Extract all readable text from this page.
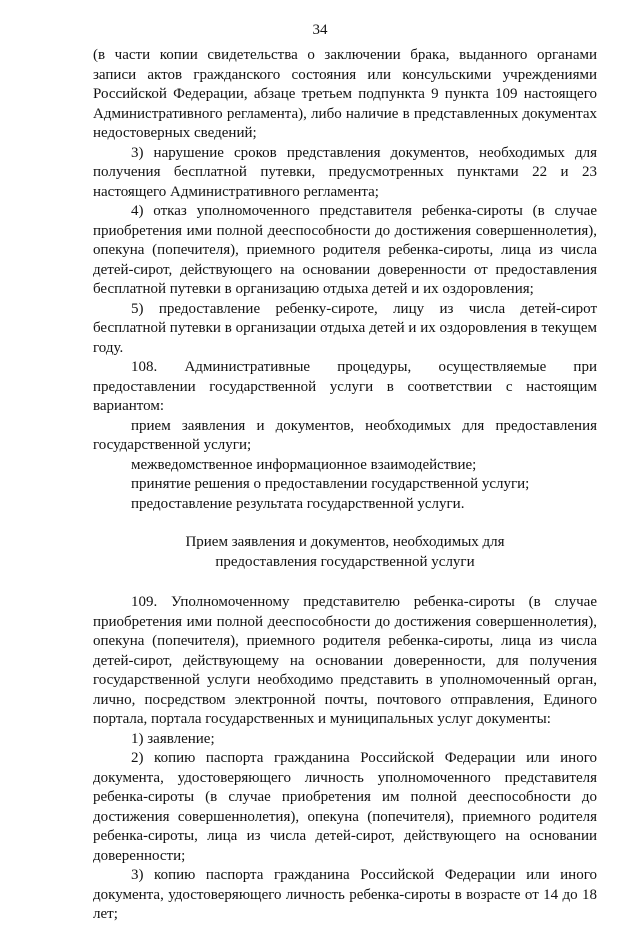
34

(в части копии свидетельства о заключении брака, выданного органами записи актов гражданского состояния или консульскими учреждениями Российской Федерации, абзаце третьем подпункта 9 пункта 109 настоящего Административного регламента), либо наличие в представленных документах недостоверных сведений;

3) нарушение сроков представления документов, необходимых для получения бесплатной путевки, предусмотренных пунктами 22 и 23 настоящего Административного регламента;

4) отказ уполномоченного представителя ребенка-сироты (в случае приобретения ими полной дееспособности до достижения совершеннолетия), опекуна (попечителя), приемного родителя ребенка-сироты, лица из числа детей-сирот, действующего на основании доверенности от предоставления бесплатной путевки в организацию отдыха детей и их оздоровления;

5) предоставление ребенку-сироте, лицу из числа детей-сирот бесплатной путевки в организации отдыха детей и их оздоровления в текущем году.

108. Административные процедуры, осуществляемые при предоставлении государственной услуги в соответствии с настоящим вариантом:

прием заявления и документов, необходимых для предоставления государственной услуги;

межведомственное информационное взаимодействие;

принятие решения о предоставлении государственной услуги;

предоставление результата государственной услуги.

Прием заявления и документов, необходимых для предоставления государственной услуги

109. Уполномоченному представителю ребенка-сироты (в случае приобретения ими полной дееспособности до достижения совершеннолетия), опекуна (попечителя), приемного родителя ребенка-сироты, лица из числа детей-сирот, действующему на основании доверенности, для получения государственной услуги необходимо представить в уполномоченный орган, лично, посредством электронной почты, почтового отправления, Единого портала, портала государственных и муниципальных услуг документы:

1) заявление;

2) копию паспорта гражданина Российской Федерации или иного документа, удостоверяющего личность уполномоченного представителя ребенка-сироты (в случае приобретения им полной дееспособности до достижения совершеннолетия), опекуна (попечителя), приемного родителя ребенка-сироты, лица из числа детей-сирот, действующего на основании доверенности;

3) копию паспорта гражданина Российской Федерации или иного документа, удостоверяющего личность ребенка-сироты в возрасте от 14 до 18 лет;
